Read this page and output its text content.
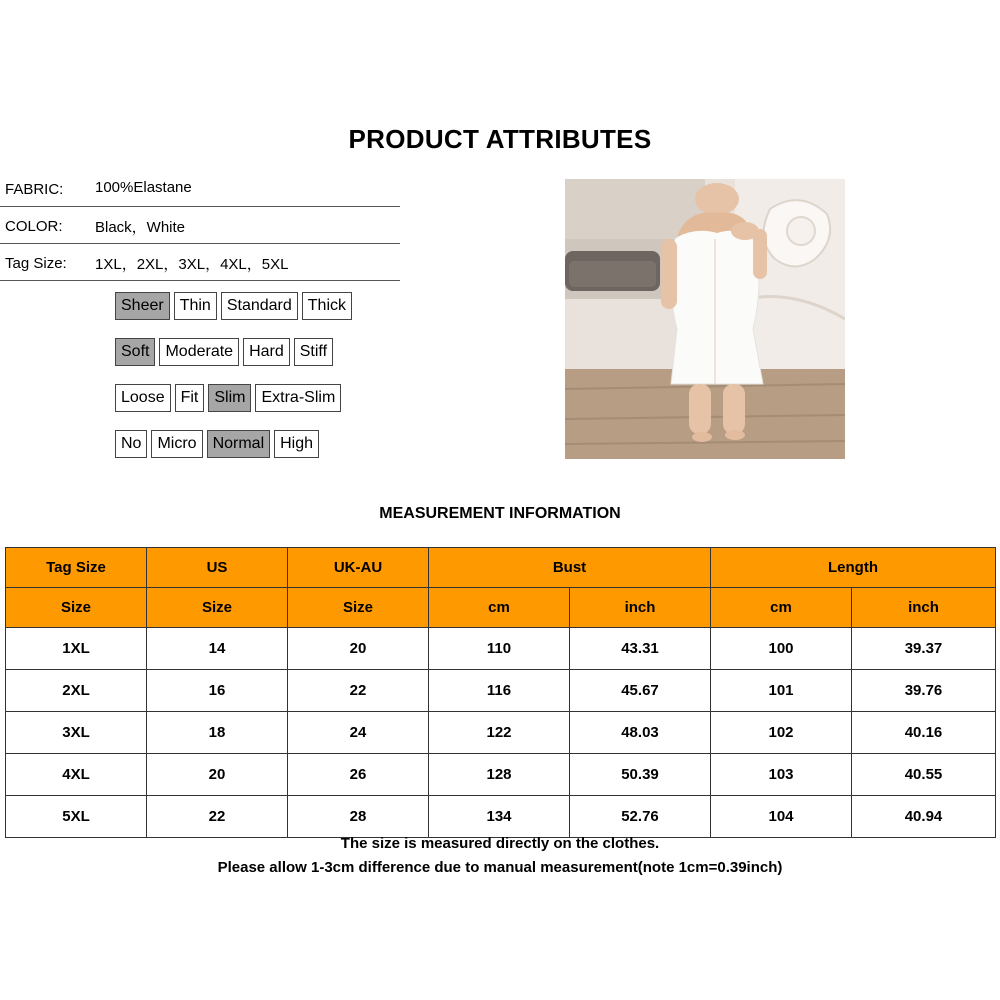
PRODUCT ATTRIBUTES
FABRIC: 100%Elastane
COLOR: Black，White
Tag Size: 1XL，2XL，3XL，4XL，5XL
Sheer	Thin	Standard	Thick
Soft	Moderate	Hard	Stiff
Loose	Fit	Slim	Extra-Slim
No	Micro	Normal	High
MEASUREMENT INFORMATION
Tag Size	US	UK-AU	Bust		Length	
Size	Size	Size	cm	inch	cm	inch
1XL	14	20	110	43.31	100	39.37
2XL	16	22	116	45.67	101	39.76
3XL	18	24	122	48.03	102	40.16
4XL	20	26	128	50.39	103	40.55
5XL	22	28	134	52.76	104	40.94
The size is measured directly on the clothes.
Please allow 1-3cm difference due to manual measurement(note 1cm=0.39inch)
